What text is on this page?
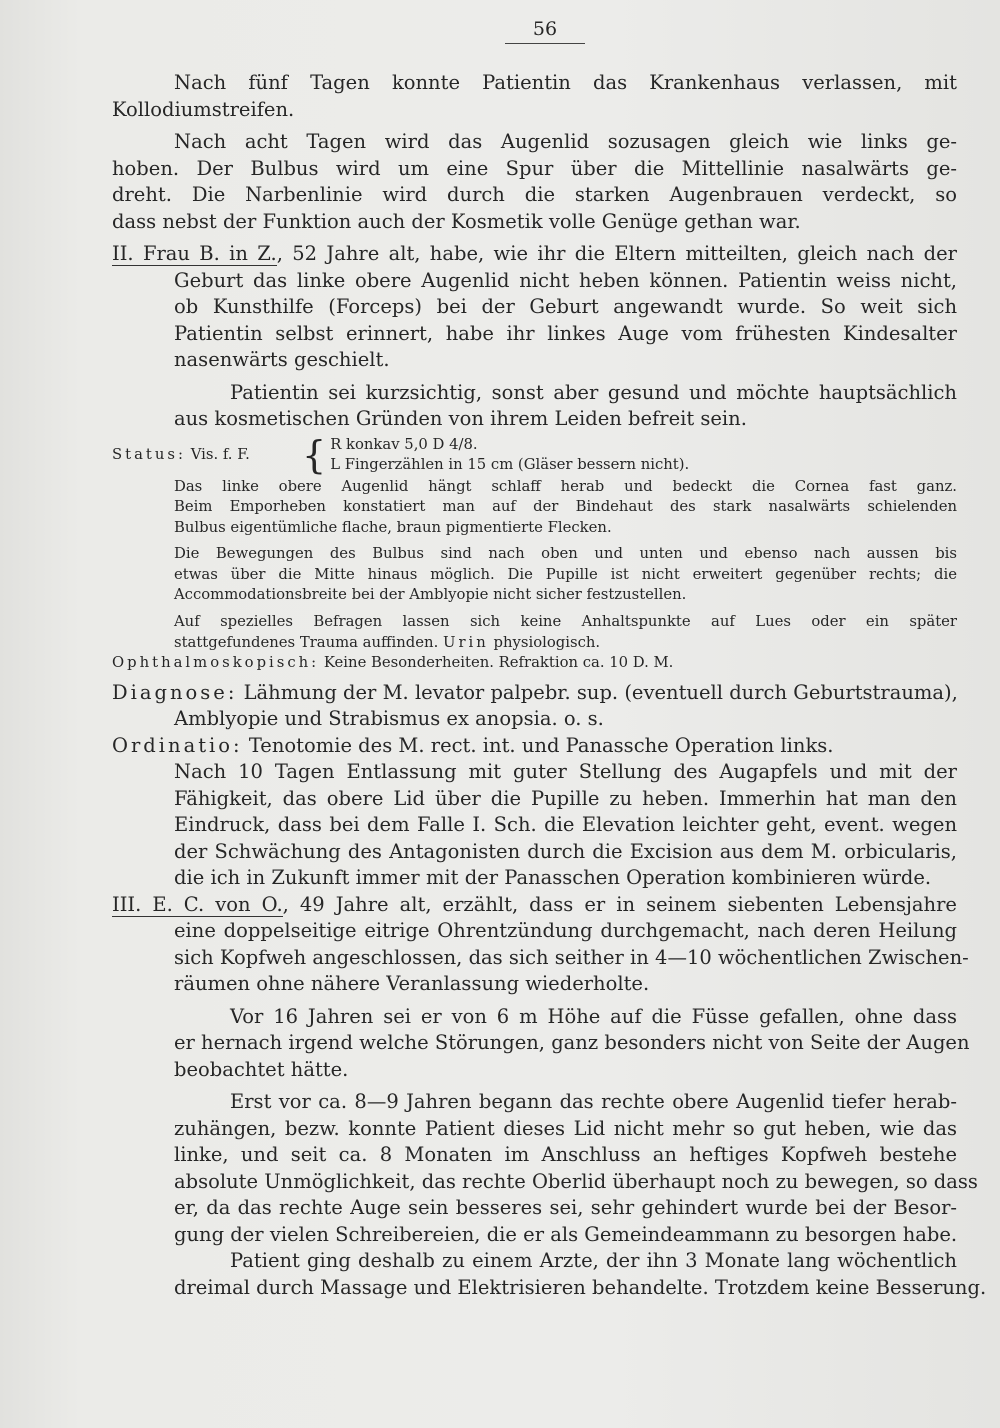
56
Nach fünf Tagen konnte Patientin das Krankenhaus verlassen, mit
Kollodiumstreifen.
Nach acht Tagen wird das Augenlid sozusagen gleich wie links ge-
hoben. Der Bulbus wird um eine Spur über die Mittellinie nasalwärts ge-
dreht. Die Narbenlinie wird durch die starken Augenbrauen verdeckt, so
dass nebst der Funktion auch der Kosmetik volle Genüge gethan war.
II. Frau B. in Z., 52 Jahre alt, habe, wie ihr die Eltern mitteilten, gleich nach der
Geburt das linke obere Augenlid nicht heben können. Patientin weiss nicht,
ob Kunsthilfe (Forceps) bei der Geburt angewandt wurde. So weit sich
Patientin selbst erinnert, habe ihr linkes Auge vom frühesten Kindesalter
nasenwärts geschielt.
Patientin sei kurzsichtig, sonst aber gesund und möchte hauptsächlich
aus kosmetischen Gründen von ihrem Leiden befreit sein.
Status: Vis. f. F.	{ R konkav 5,0 D 4/8.
L Fingerzählen in 15 cm (Gläser bessern nicht).
Das linke obere Augenlid hängt schlaff herab und bedeckt die Cornea fast ganz.
Beim Emporheben konstatiert man auf der Bindehaut des stark nasalwärts schielenden
Bulbus eigentümliche flache, braun pigmentierte Flecken.
Die Bewegungen des Bulbus sind nach oben und unten und ebenso nach aussen bis
etwas über die Mitte hinaus möglich. Die Pupille ist nicht erweitert gegenüber rechts; die
Accommodationsbreite bei der Amblyopie nicht sicher festzustellen.
Auf spezielles Befragen lassen sich keine Anhaltspunkte auf Lues oder ein später
stattgefundenes Trauma auffinden. Urin physiologisch.
Ophthalmoskopisch: Keine Besonderheiten. Refraktion ca. 10 D. M.
Diagnose: Lähmung der M. levator palpebr. sup. (eventuell durch Geburtstrauma),
Amblyopie und Strabismus ex anopsia. o. s.
Ordinatio: Tenotomie des M. rect. int. und Panassche Operation links.
Nach 10 Tagen Entlassung mit guter Stellung des Augapfels und mit der
Fähigkeit, das obere Lid über die Pupille zu heben. Immerhin hat man den
Eindruck, dass bei dem Falle I. Sch. die Elevation leichter geht, event. wegen
der Schwächung des Antagonisten durch die Excision aus dem M. orbicularis,
die ich in Zukunft immer mit der Panasschen Operation kombinieren würde.
III. E. C. von O., 49 Jahre alt, erzählt, dass er in seinem siebenten Lebensjahre
eine doppelseitige eitrige Ohrentzündung durchgemacht, nach deren Heilung
sich Kopfweh angeschlossen, das sich seither in 4—10 wöchentlichen Zwischen-
räumen ohne nähere Veranlassung wiederholte.
Vor 16 Jahren sei er von 6 m Höhe auf die Füsse gefallen, ohne dass
er hernach irgend welche Störungen, ganz besonders nicht von Seite der Augen
beobachtet hätte.
Erst vor ca. 8—9 Jahren begann das rechte obere Augenlid tiefer herab-
zuhängen, bezw. konnte Patient dieses Lid nicht mehr so gut heben, wie das
linke, und seit ca. 8 Monaten im Anschluss an heftiges Kopfweh bestehe
absolute Unmöglichkeit, das rechte Oberlid überhaupt noch zu bewegen, so dass
er, da das rechte Auge sein besseres sei, sehr gehindert wurde bei der Besor-
gung der vielen Schreibereien, die er als Gemeindeammann zu besorgen habe.
Patient ging deshalb zu einem Arzte, der ihn 3 Monate lang wöchentlich
dreimal durch Massage und Elektrisieren behandelte. Trotzdem keine Besserung.
